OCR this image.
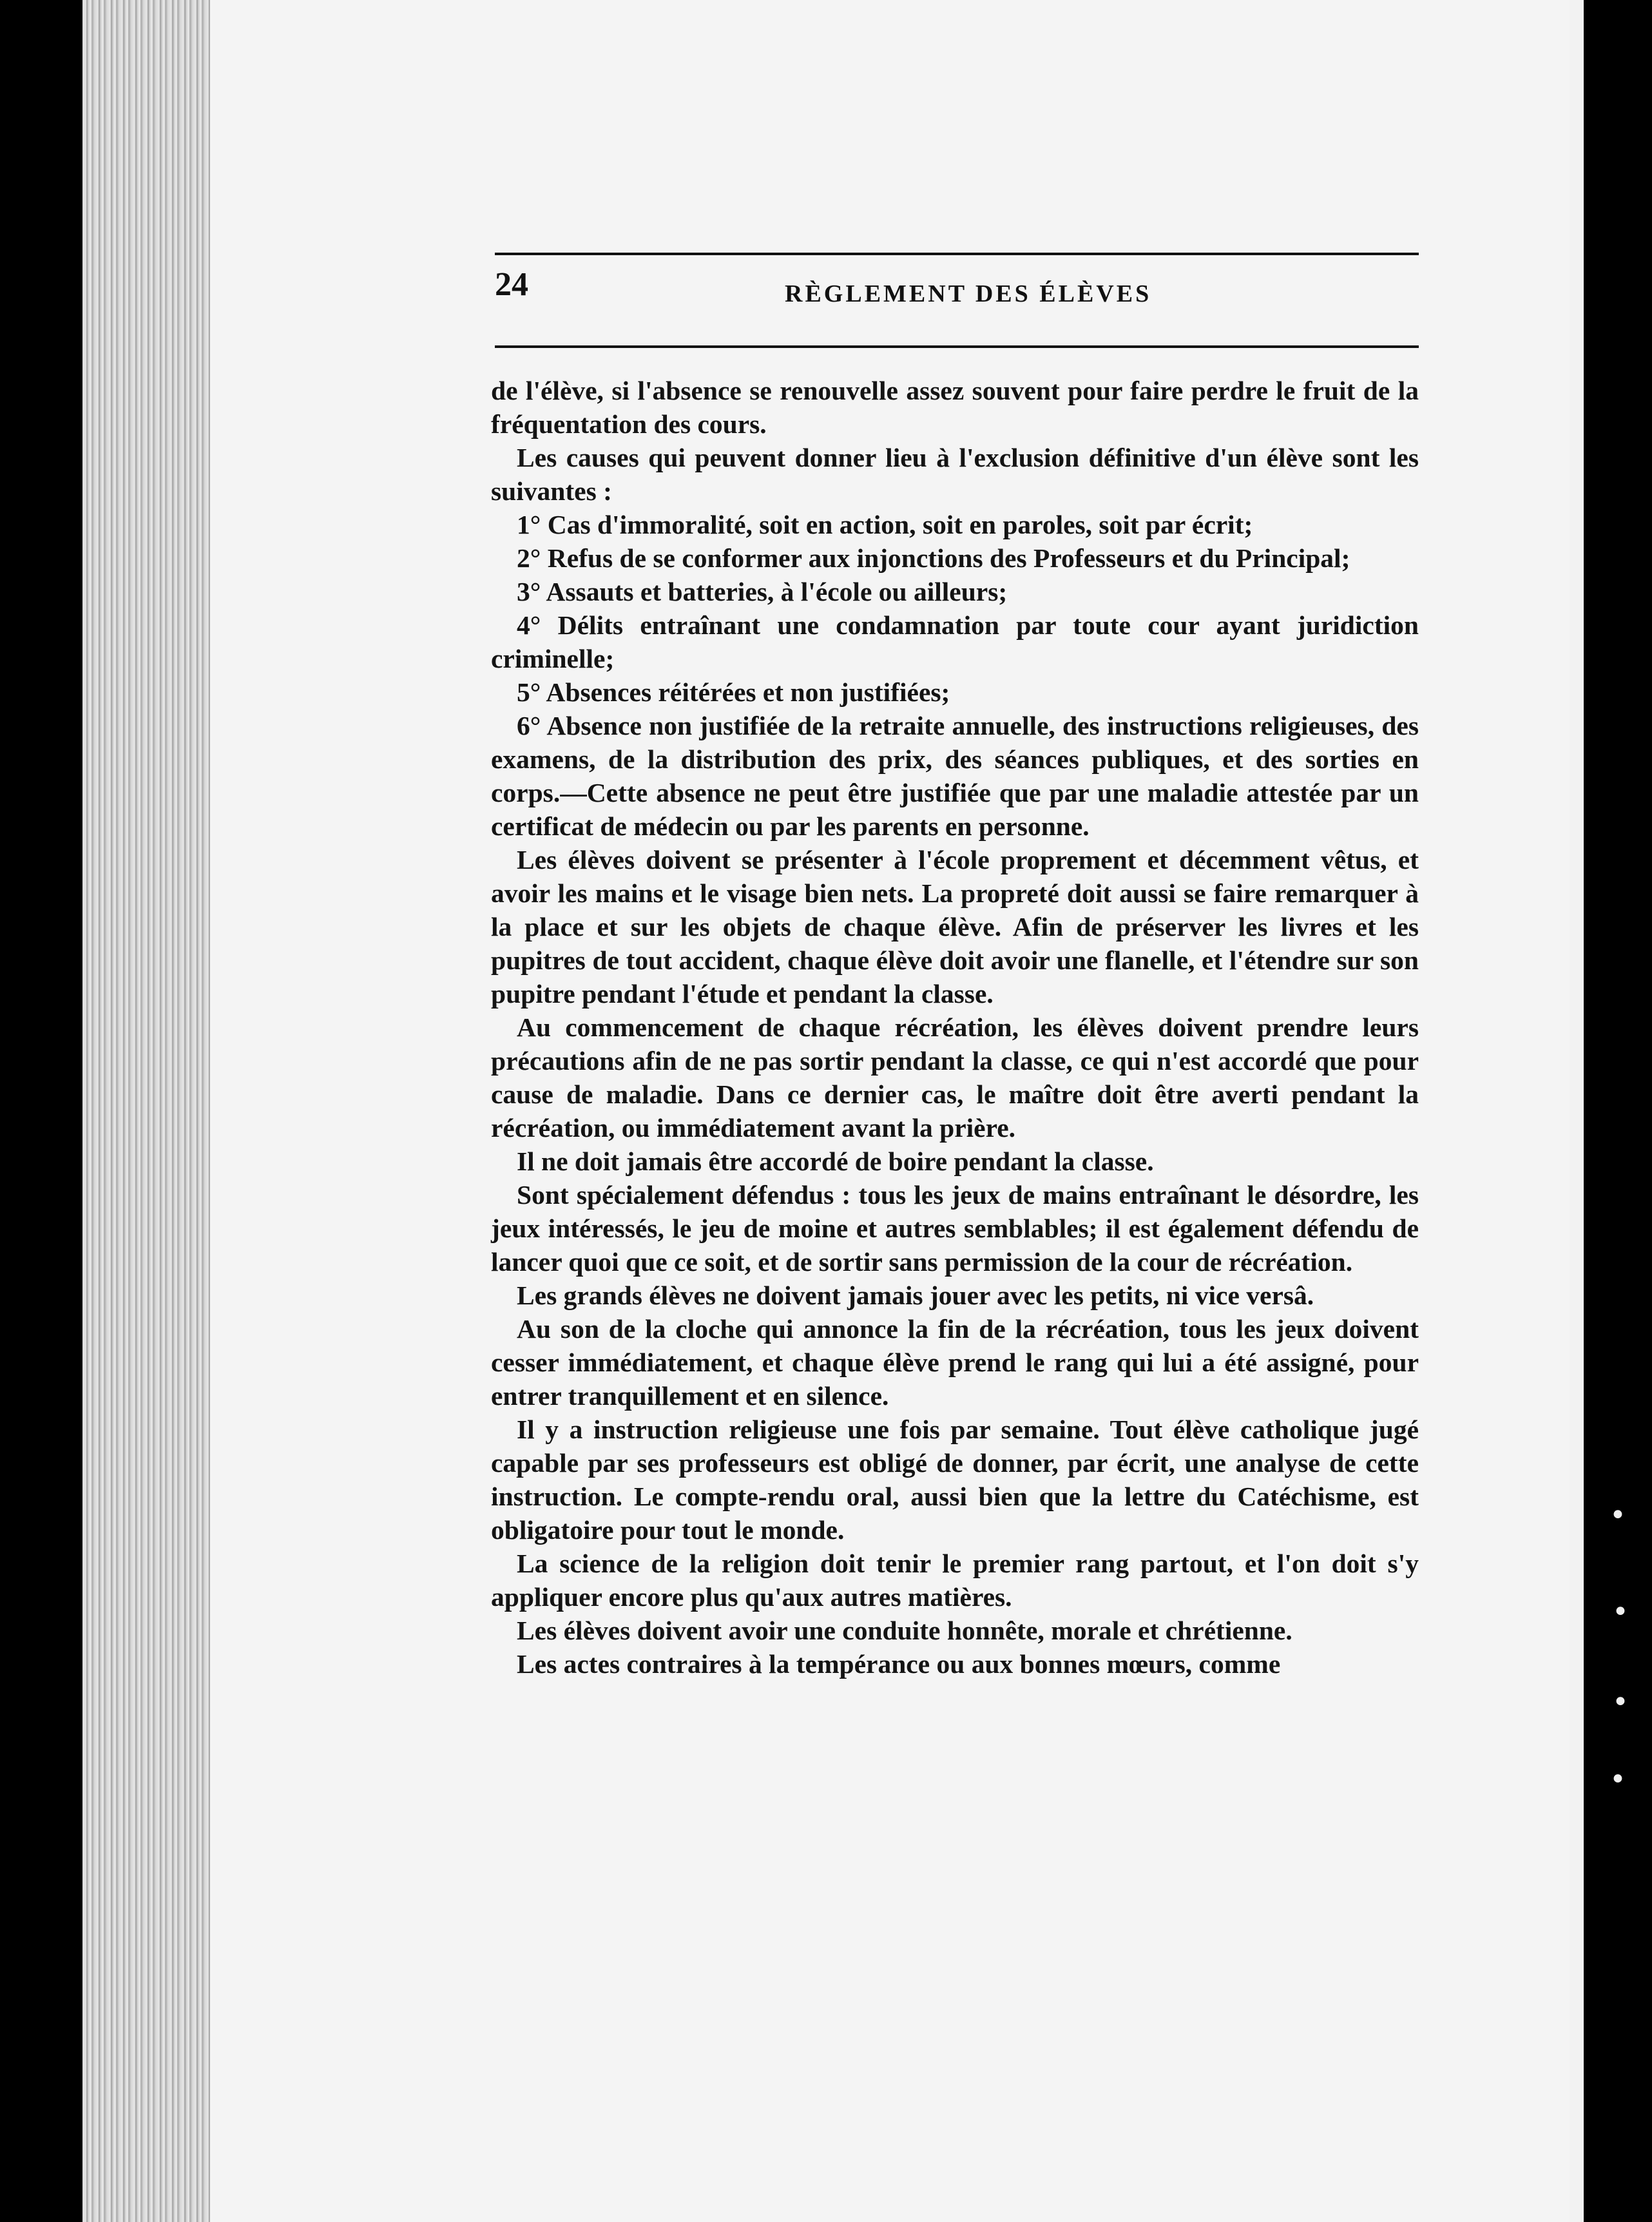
•
•
•
•
24	RÈGLEMENT DES ÉLÈVES

de l'élève, si l'absence se renouvelle assez souvent pour faire perdre le fruit de la fréquentation des cours.

Les causes qui peuvent donner lieu à l'exclusion définitive d'un élève sont les suivantes :

1° Cas d'immoralité, soit en action, soit en paroles, soit par écrit;

2° Refus de se conformer aux injonctions des Professeurs et du Principal;

3° Assauts et batteries, à l'école ou ailleurs;

4° Délits entraînant une condamnation par toute cour ayant juridiction criminelle;

5° Absences réitérées et non justifiées;

6° Absence non justifiée de la retraite annuelle, des instructions religieuses, des examens, de la distribution des prix, des séances publiques, et des sorties en corps.—Cette absence ne peut être justifiée que par une maladie attestée par un certificat de médecin ou par les parents en personne.

Les élèves doivent se présenter à l'école proprement et décemment vêtus, et avoir les mains et le visage bien nets. La propreté doit aussi se faire remarquer à la place et sur les objets de chaque élève. Afin de préserver les livres et les pupitres de tout accident, chaque élève doit avoir une flanelle, et l'étendre sur son pupitre pendant l'étude et pendant la classe.

Au commencement de chaque récréation, les élèves doivent prendre leurs précautions afin de ne pas sortir pendant la classe, ce qui n'est accordé que pour cause de maladie. Dans ce dernier cas, le maître doit être averti pendant la récréation, ou immédiatement avant la prière.

Il ne doit jamais être accordé de boire pendant la classe.

Sont spécialement défendus : tous les jeux de mains entraînant le désordre, les jeux intéressés, le jeu de moine et autres semblables; il est également défendu de lancer quoi que ce soit, et de sortir sans permission de la cour de récréation.

Les grands élèves ne doivent jamais jouer avec les petits, ni vice versâ.

Au son de la cloche qui annonce la fin de la récréation, tous les jeux doivent cesser immédiatement, et chaque élève prend le rang qui lui a été assigné, pour entrer tranquillement et en silence.

Il y a instruction religieuse une fois par semaine. Tout élève catholique jugé capable par ses professeurs est obligé de donner, par écrit, une analyse de cette instruction. Le compte-rendu oral, aussi bien que la lettre du Catéchisme, est obligatoire pour tout le monde.

La science de la religion doit tenir le premier rang partout, et l'on doit s'y appliquer encore plus qu'aux autres matières.

Les élèves doivent avoir une conduite honnête, morale et chrétienne.

Les actes contraires à la tempérance ou aux bonnes mœurs, comme
